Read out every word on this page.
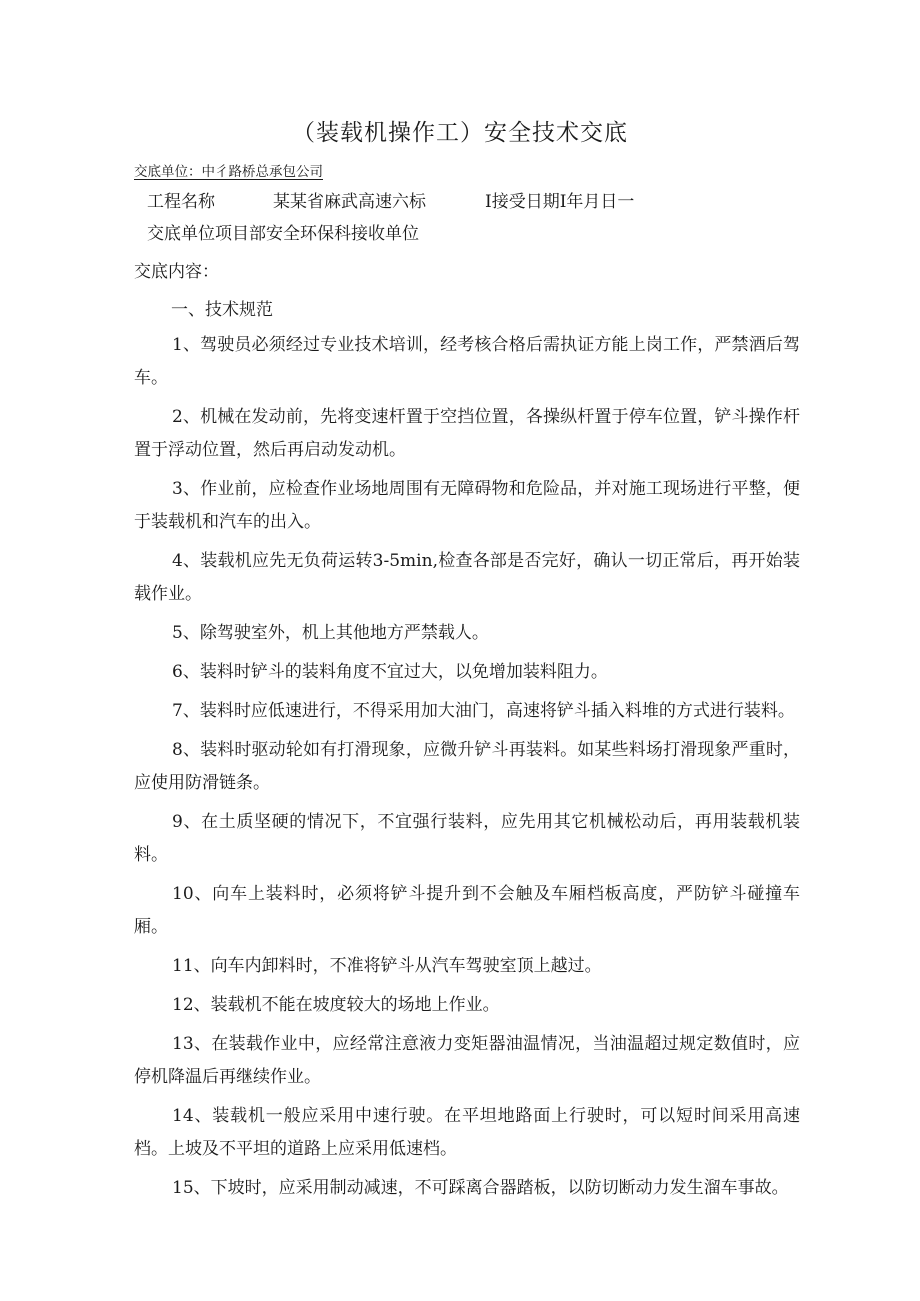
（装载机操作工）安全技术交底
交底单位：中彳路桥总承包公司
工程名称	某某省麻武高速六标	I接受日期I年月日一
交底单位项目部安全环保科接收单位
交底内容：
一、技术规范

1、驾驶员必须经过专业技术培训，经考核合格后需执证方能上岗工作，严禁酒后驾车。

2、机械在发动前，先将变速杆置于空挡位置，各操纵杆置于停车位置，铲斗操作杆置于浮动位置，然后再启动发动机。

3、作业前，应检查作业场地周围有无障碍物和危险品，并对施工现场进行平整，便于装载机和汽车的出入。

4、装载机应先无负荷运转3-5min,检查各部是否完好，确认一切正常后，再开始装载作业。

5、除驾驶室外，机上其他地方严禁载人。

6、装料时铲斗的装料角度不宜过大，以免增加装料阻力。

7、装料时应低速进行，不得采用加大油门，高速将铲斗插入料堆的方式进行装料。

8、装料时驱动轮如有打滑现象，应微升铲斗再装料。如某些料场打滑现象严重时，应使用防滑链条。

9、在土质坚硬的情况下，不宜强行装料，应先用其它机械松动后，再用装载机装料。

10、向车上装料时，必须将铲斗提升到不会触及车厢档板高度，严防铲斗碰撞车厢。

11、向车内卸料时，不准将铲斗从汽车驾驶室顶上越过。

12、装载机不能在坡度较大的场地上作业。

13、在装载作业中，应经常注意液力变矩器油温情况，当油温超过规定数值时，应停机降温后再继续作业。

14、装载机一般应采用中速行驶。在平坦地路面上行驶时，可以短时间采用高速档。上坡及不平坦的道路上应采用低速档。

15、下坡时，应采用制动减速，不可踩离合器踏板，以防切断动力发生溜车事故。
